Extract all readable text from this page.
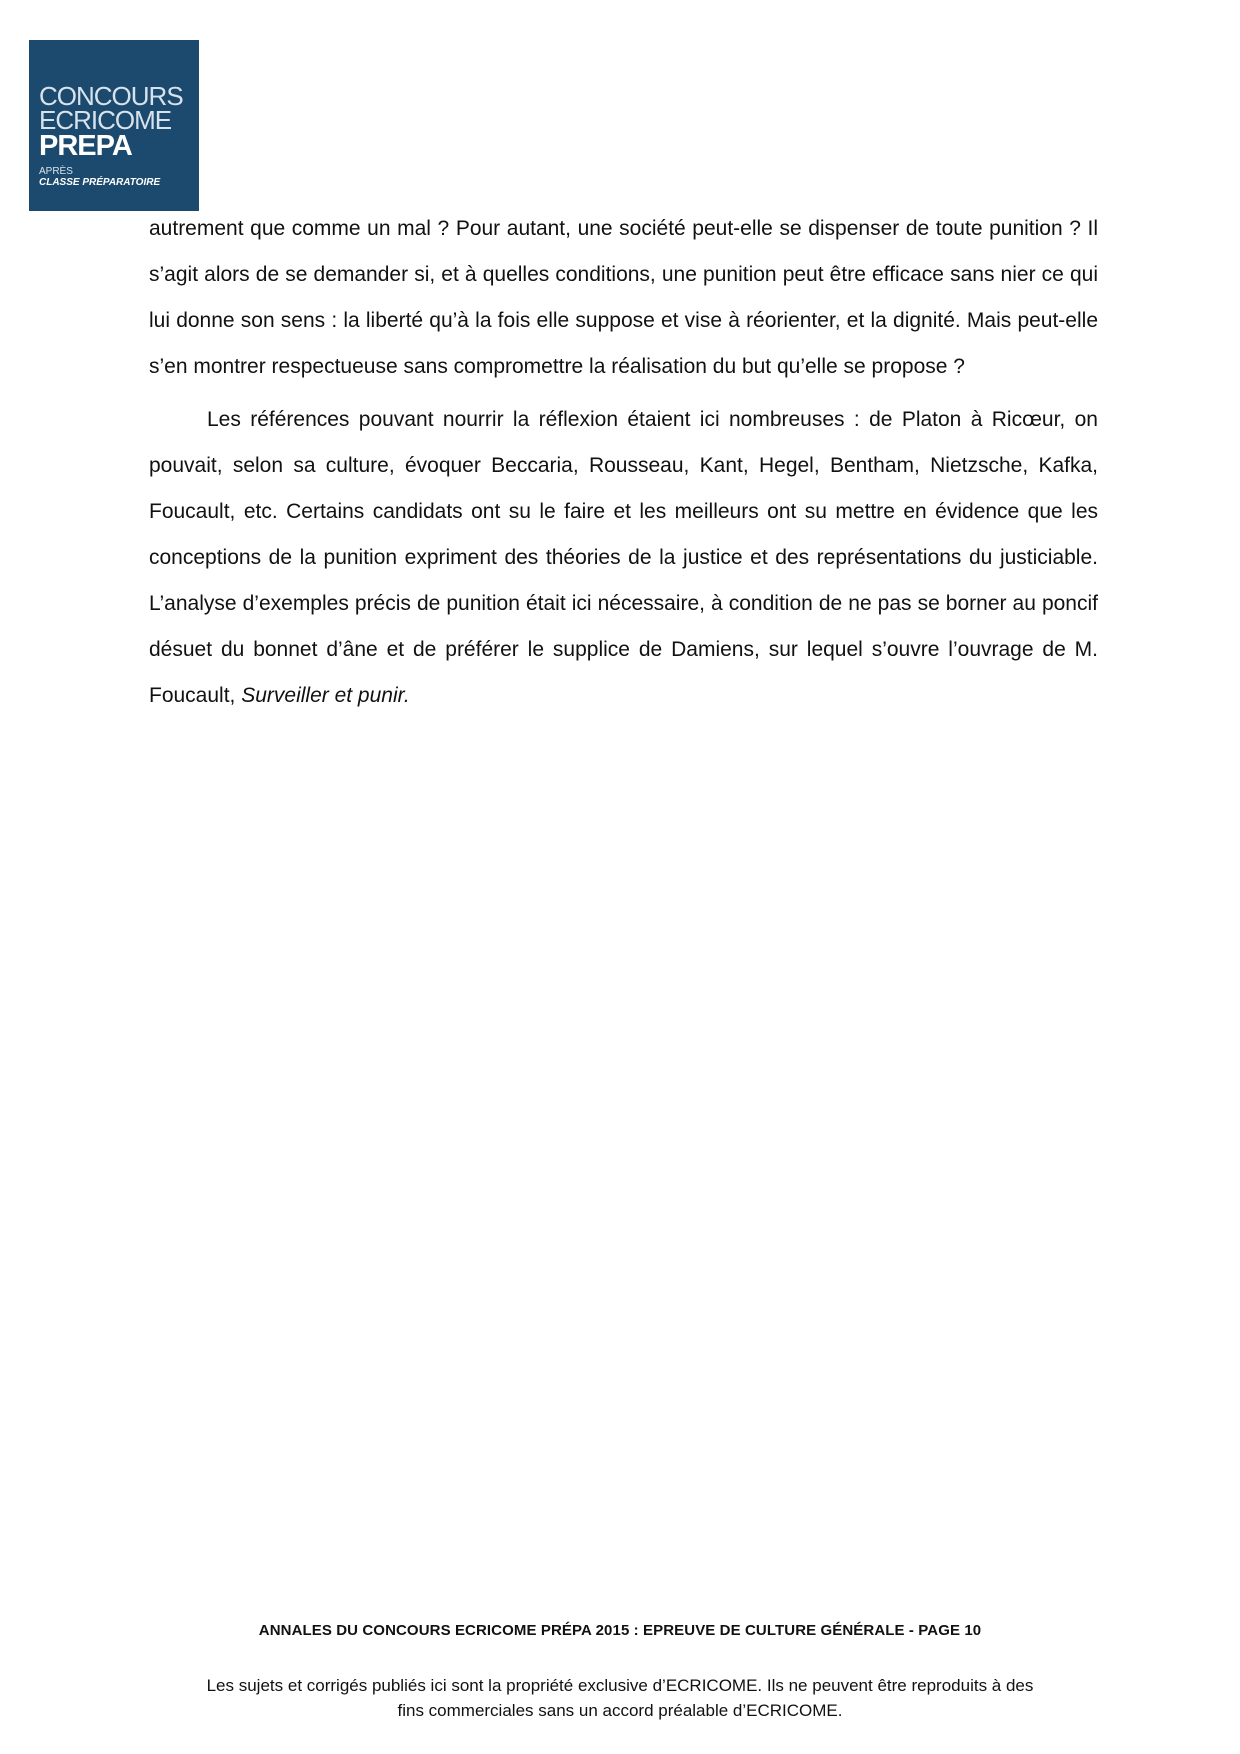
CONCOURS
ECRICOME
PREPA
APRÈS
CLASSE PRÉPARATOIRE

autrement que comme un mal ? Pour autant, une société peut-elle se dispenser de toute punition ? Il s’agit alors de se demander si, et à quelles conditions, une punition peut être efficace sans nier ce qui lui donne son sens : la liberté qu’à la fois elle suppose et vise à réorienter, et la dignité. Mais peut-elle s’en montrer respectueuse sans compromettre la réalisation du but qu’elle se propose ?

Les références pouvant nourrir la réflexion étaient ici nombreuses : de Platon à Ricœur, on pouvait, selon sa culture, évoquer Beccaria, Rousseau, Kant, Hegel, Bentham, Nietzsche, Kafka, Foucault, etc. Certains candidats ont su le faire et les meilleurs ont su mettre en évidence que les conceptions de la punition expriment des théories de la justice et des représentations du justiciable. L’analyse d’exemples précis de punition était ici nécessaire, à condition de ne pas se borner au poncif désuet du bonnet d’âne et de préférer le supplice de Damiens, sur lequel s’ouvre l’ouvrage de M. Foucault, Surveiller et punir.

ANNALES DU CONCOURS ECRICOME PRÉPA 2015 : EPREUVE DE CULTURE GÉNÉRALE - PAGE 10
Les sujets et corrigés publiés ici sont la propriété exclusive d’ECRICOME. Ils ne peuvent être reproduits à des
fins commerciales sans un accord préalable d’ECRICOME.
